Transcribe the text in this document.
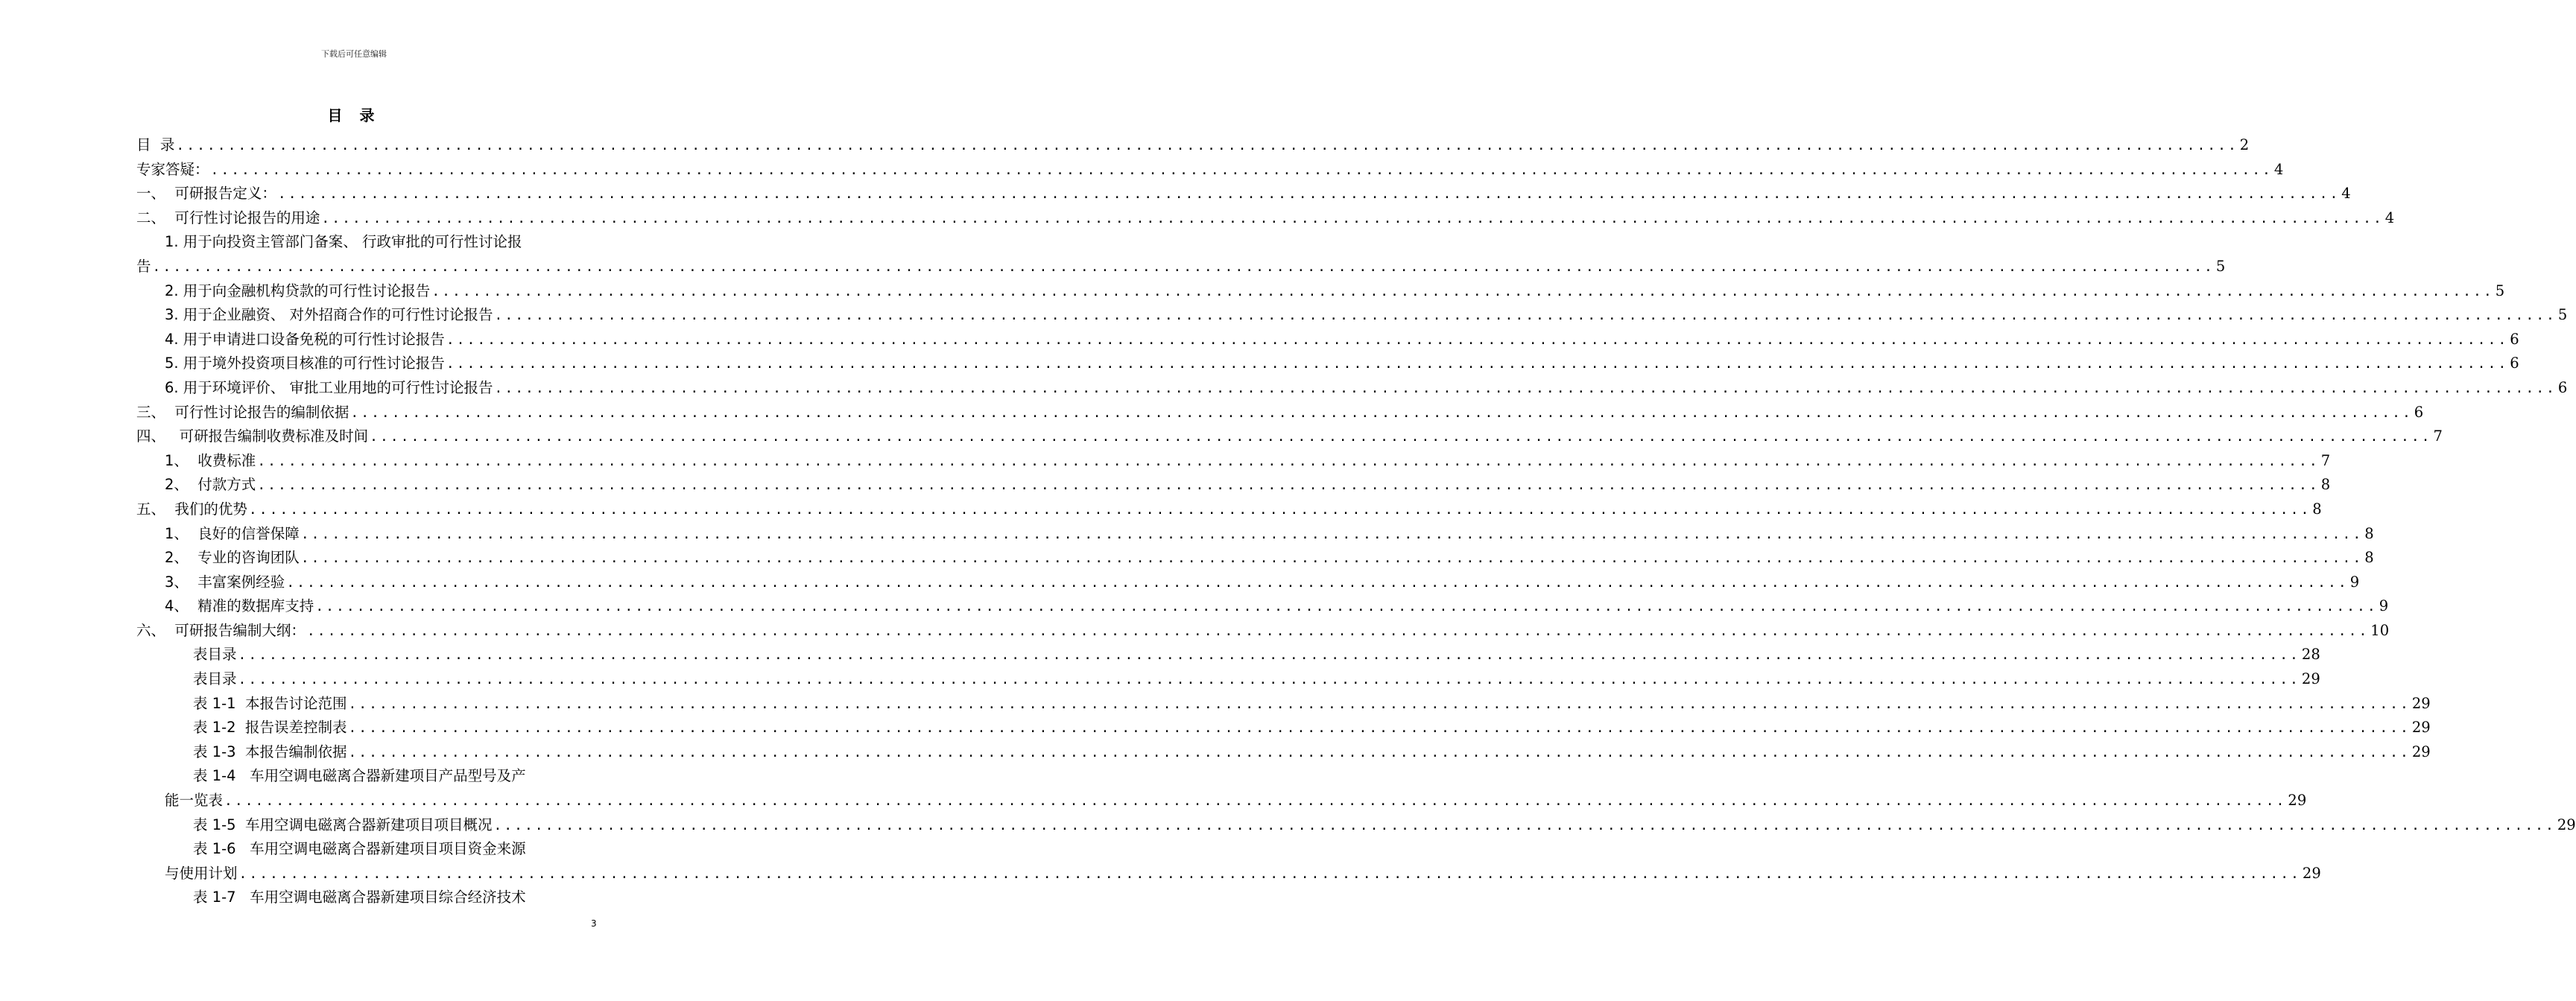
下载后可任意编辑
目 录
目  录 ........................................................................................................................................................................................................ 2
专家答疑： ........................................................................................................................................................................................................ 4
一、  可研报告定义： ........................................................................................................................................................................................................ 4
二、  可行性讨论报告的用途 ........................................................................................................................................................................................................ 4
1. 用于向投资主管部门备案、 行政审批的可行性讨论报
告 ........................................................................................................................................................................................................ 5
2. 用于向金融机构贷款的可行性讨论报告 ........................................................................................................................................................................................................ 5
3. 用于企业融资、 对外招商合作的可行性讨论报告 ........................................................................................................................................................................................................ 5
4. 用于申请进口设备免税的可行性讨论报告 ........................................................................................................................................................................................................ 6
5. 用于境外投资项目核准的可行性讨论报告 ........................................................................................................................................................................................................ 6
6. 用于环境评价、 审批工业用地的可行性讨论报告 ........................................................................................................................................................................................................ 6
三、  可行性讨论报告的编制依据 ........................................................................................................................................................................................................ 6
四、   可研报告编制收费标准及时间 ........................................................................................................................................................................................................ 7
1、  收费标准 ........................................................................................................................................................................................................ 7
2、  付款方式 ........................................................................................................................................................................................................ 8
五、  我们的优势 ........................................................................................................................................................................................................ 8
1、  良好的信誉保障 ........................................................................................................................................................................................................ 8
2、  专业的咨询团队 ........................................................................................................................................................................................................ 8
3、  丰富案例经验 ........................................................................................................................................................................................................ 9
4、  精准的数据库支持 ........................................................................................................................................................................................................ 9
六、  可研报告编制大纲： ........................................................................................................................................................................................................ 10
表目录 ........................................................................................................................................................................................................ 28
表目录 ........................................................................................................................................................................................................ 29
表 1-1  本报告讨论范围 ........................................................................................................................................................................................................ 29
表 1-2  报告误差控制表 ........................................................................................................................................................................................................ 29
表 1-3  本报告编制依据 ........................................................................................................................................................................................................ 29
表 1-4   车用空调电磁离合器新建项目产品型号及产
能一览表 ........................................................................................................................................................................................................ 29
表 1-5  车用空调电磁离合器新建项目项目概况 ........................................................................................................................................................................................................ 29
表 1-6   车用空调电磁离合器新建项目项目资金来源
与使用计划 ........................................................................................................................................................................................................ 29
表 1-7   车用空调电磁离合器新建项目综合经济技术
3
